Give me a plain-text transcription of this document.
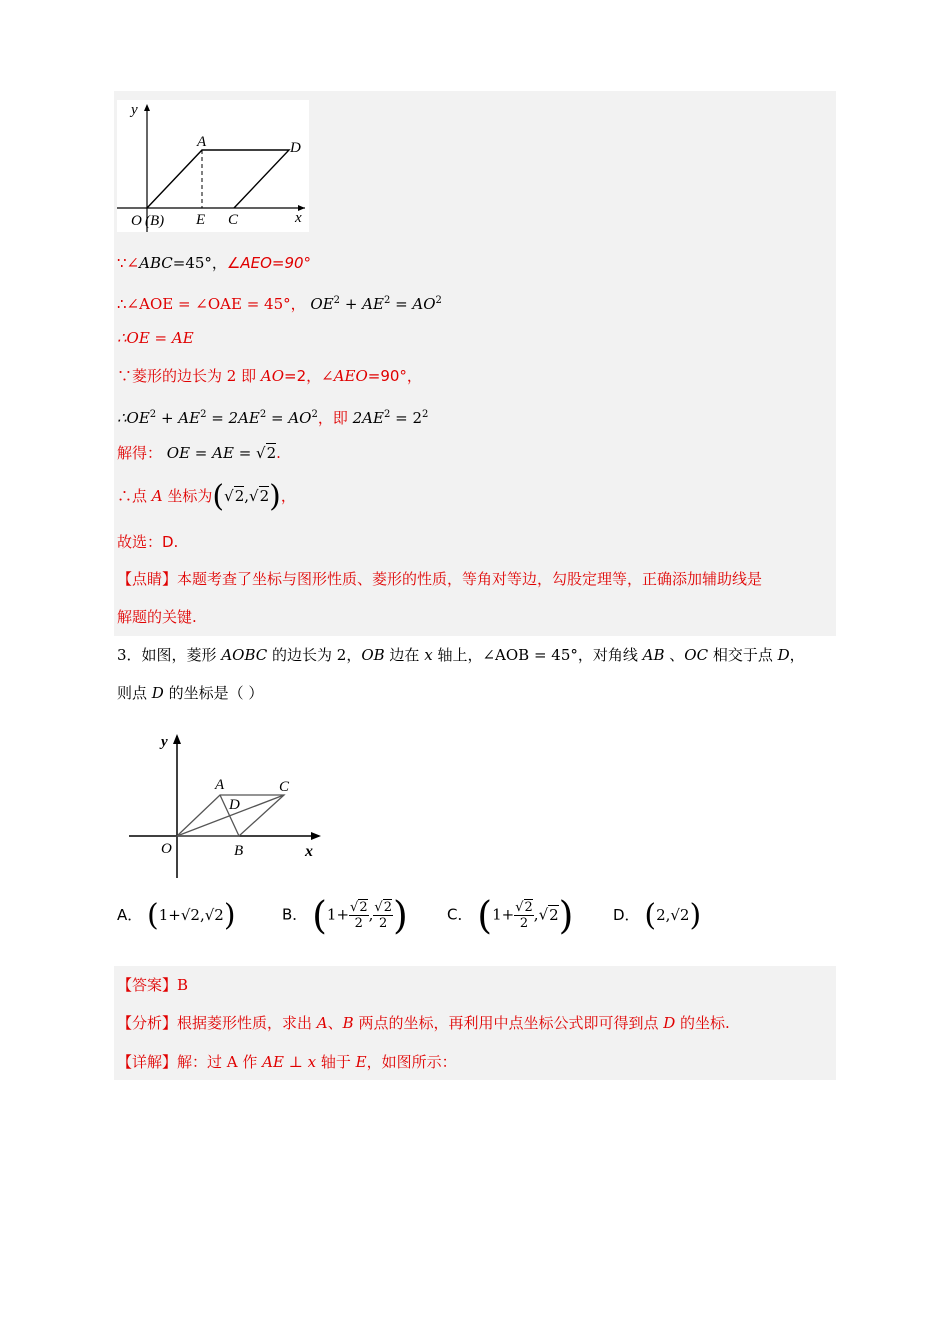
y
A	D
O (B) E C	x
∵∠ABC=45°，∠AEO=90°
∴∠AOE = ∠OAE = 45°， $OE^2 + AE^2 = AO^2$
∴OE = AE
∵菱形的边长为 2 即 AO=2，∠AEO=90°，
$\therefore OE^2 + AE^2 = 2AE^2 = AO^2$，即 $2AE^2 = 2^2$
解得： OE = AE = √2.
∴点 A 坐标为(√2,√2)，
故选：D.
【点睛】本题考查了坐标与图形性质、菱形的性质，等角对等边，勾股定理等，正确添加辅助线是
解题的关键.
3．如图，菱形 AOBC 的边长为 2，OB 边在 x 轴上，∠AOB = 45°，对角线 AB 、OC 相交于点 D，
则点 D 的坐标是（ ）
y
A	C
D
O	B	x
A． (1+√2,√2)	B． ($1+ \frac{√2}{2}$ , $\frac{√2}{2}$ )	C． $(1+ \frac{√2}{2} ,√2)$	D． (2,√2)
【答案】B
【分析】根据菱形性质，求出 A、B 两点的坐标，再利用中点坐标公式即可得到点 D 的坐标.
【详解】解：过 A 作 AE ⊥ x 轴于 E，如图所示：
